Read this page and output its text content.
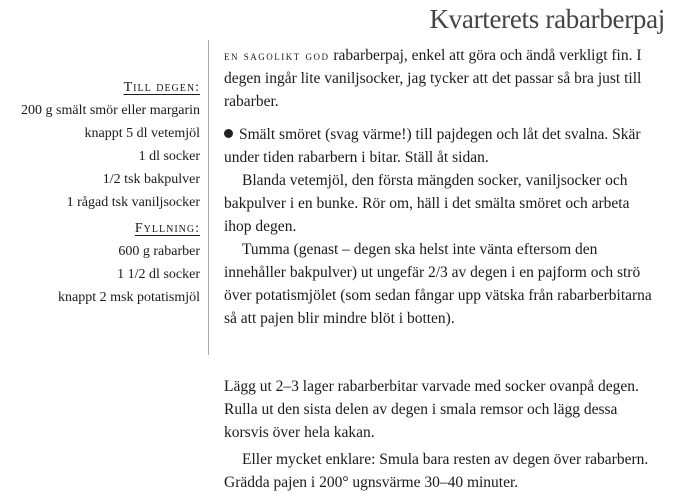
Kvarterets rabarberpaj
Till degen:
200 g smält smör eller margarin
knappt 5 dl vetemjöl
1 dl socker
1/2 tsk bakpulver
1 rågad tsk vaniljsocker
Fyllning:
600 g rabarber
1 1/2 dl socker
knappt 2 msk potatismjöl

en sagolikt god rabarberpaj, enkel att göra och ändå verkligt fin. I degen ingår lite vaniljsocker, jag tycker att det passar så bra just till rabarber.

Smält smöret (svag värme!) till pajdegen och låt det svalna. Skär under tiden rabarbern i bitar. Ställ åt sidan.

Blanda vetemjöl, den första mängden socker, vaniljsocker och bakpulver i en bunke. Rör om, häll i det smälta smöret och arbeta ihop degen.

Tumma (genast – degen ska helst inte vänta eftersom den innehåller bakpulver) ut ungefär 2/3 av degen i en pajform och strö över potatismjölet (som sedan fångar upp vätska från rabarberbitarna så att pajen blir mindre blöt i botten).

Lägg ut 2–3 lager rabarberbitar varvade med socker ovanpå degen. Rulla ut den sista delen av degen i smala remsor och lägg dessa korsvis över hela kakan.

Eller mycket enklare: Smula bara resten av degen över rabarbern. Grädda pajen i 200° ugnsvärme 30–40 minuter.
